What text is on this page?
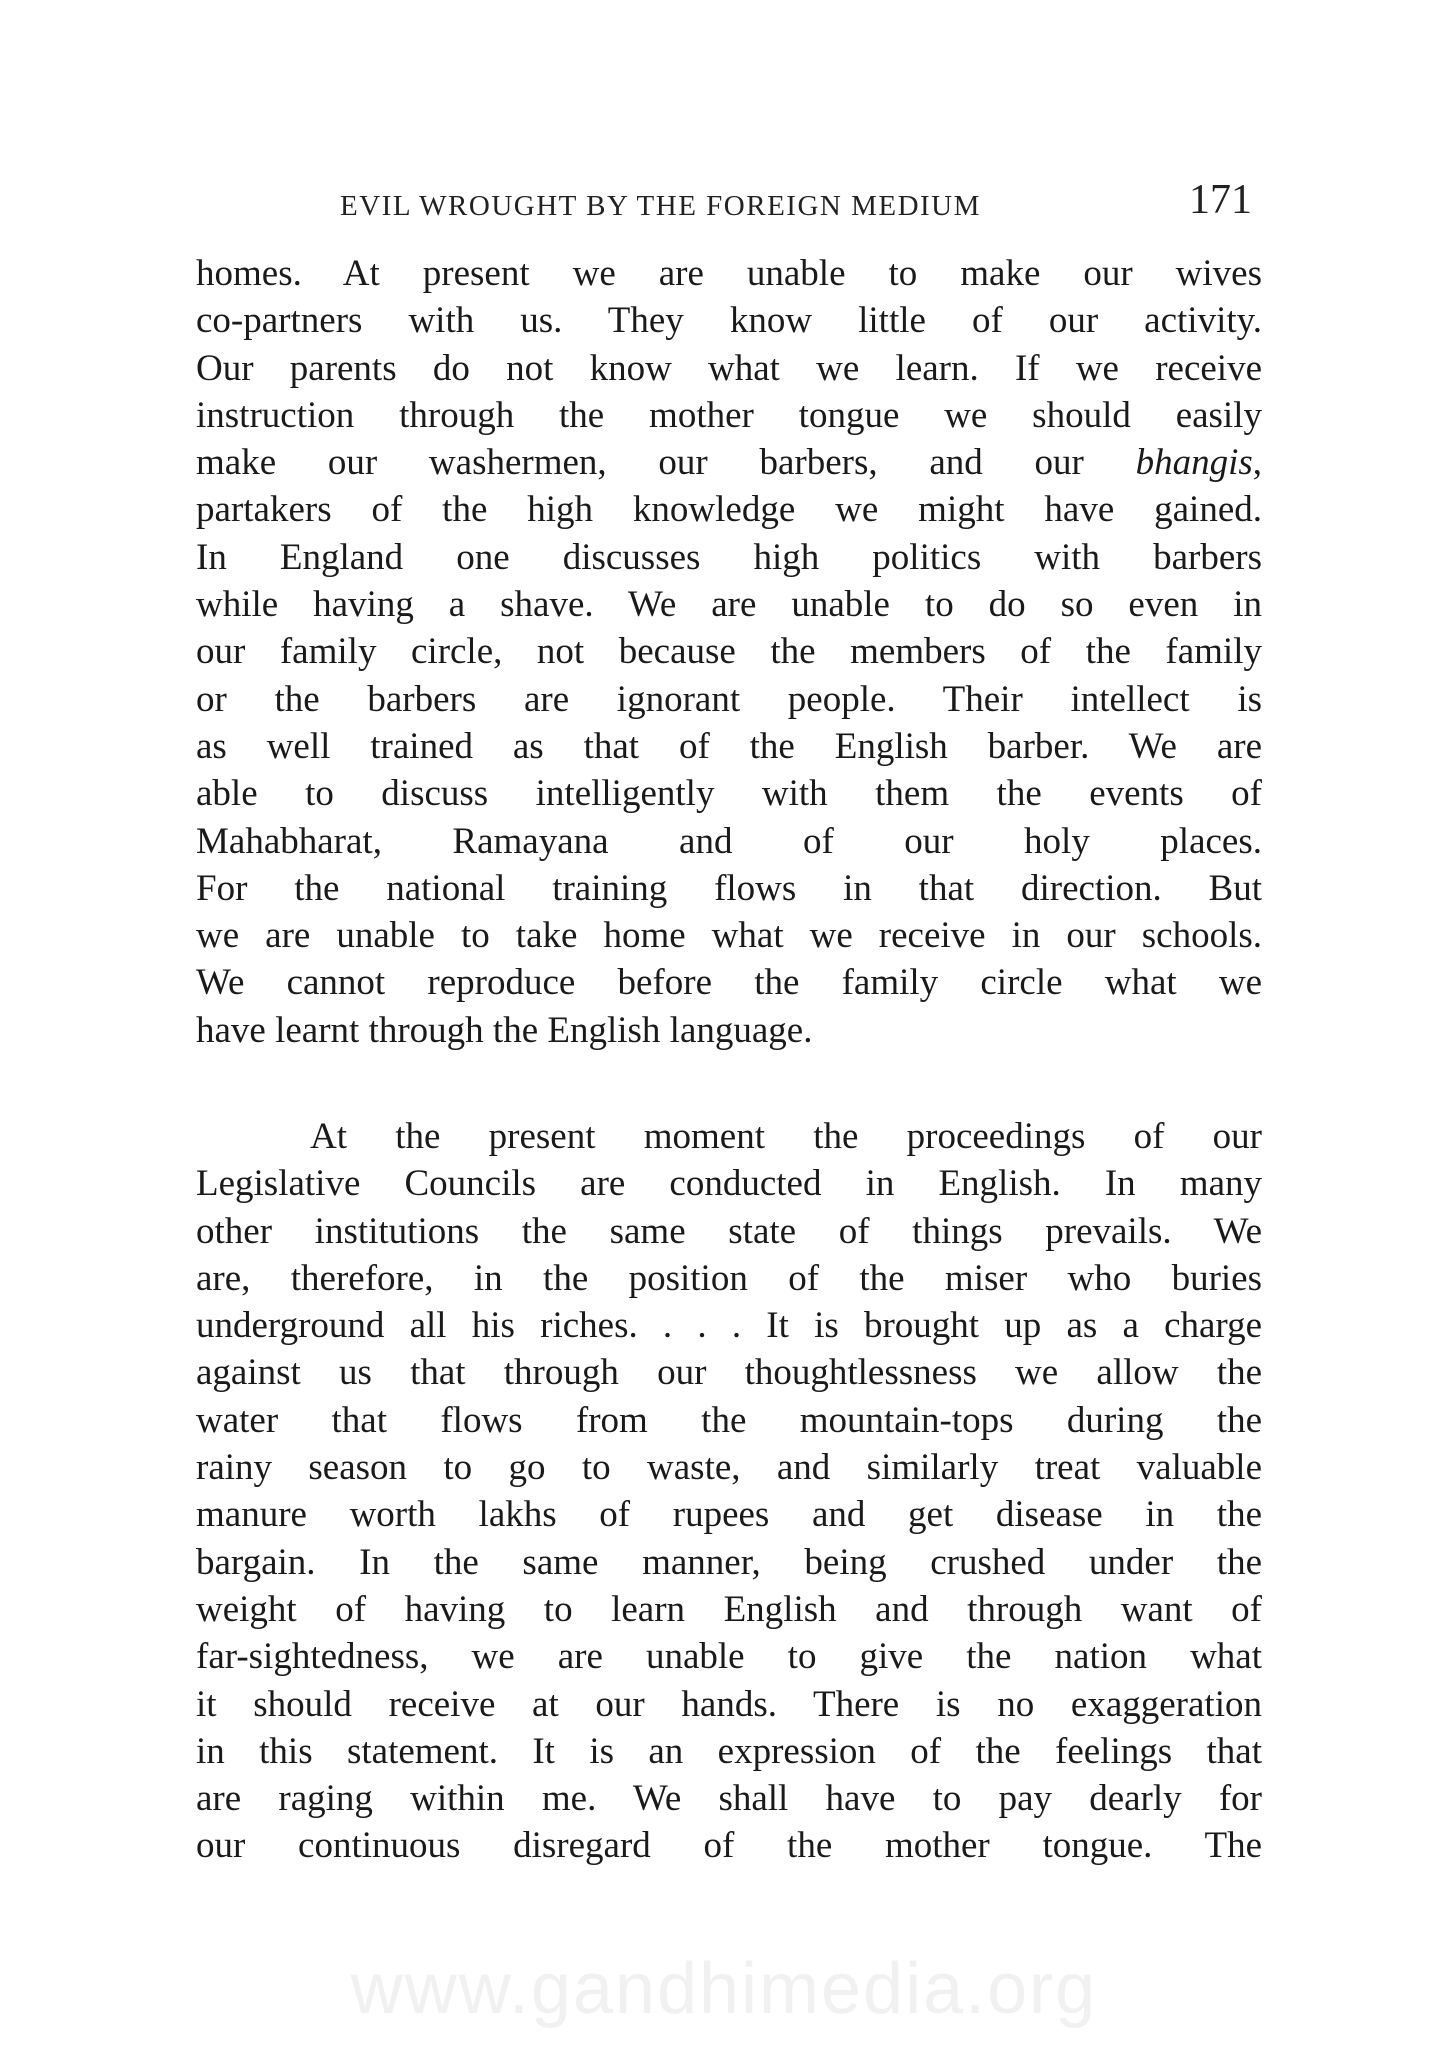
EVIL WROUGHT BY THE FOREIGN MEDIUM	171
homes. At present we are unable to make our wives
co-partners with us. They know little of our activity.
Our parents do not know what we learn. If we receive
instruction through the mother tongue we should easily
make our washermen, our barbers, and our bhangis,
partakers of the high knowledge we might have gained.
In England one discusses high politics with barbers
while having a shave. We are unable to do so even in
our family circle, not because the members of the family
or the barbers are ignorant people. Their intellect is
as well trained as that of the English barber. We are
able to discuss intelligently with them the events of
Mahabharat, Ramayana and of our holy places.
For the national training flows in that direction. But
we are unable to take home what we receive in our schools.
We cannot reproduce before the family circle what we
have learnt through the English language.
At the present moment the proceedings of our
Legislative Councils are conducted in English. In many
other institutions the same state of things prevails. We
are, therefore, in the position of the miser who buries
underground all his riches. . . . It is brought up as a charge
against us that through our thoughtlessness we allow the
water that flows from the mountain-tops during the
rainy season to go to waste, and similarly treat valuable
manure worth lakhs of rupees and get disease in the
bargain. In the same manner, being crushed under the
weight of having to learn English and through want of
far-sightedness, we are unable to give the nation what
it should receive at our hands. There is no exaggeration
in this statement. It is an expression of the feelings that
are raging within me. We shall have to pay dearly for
our continuous disregard of the mother tongue. The
www.gandhimedia.org
